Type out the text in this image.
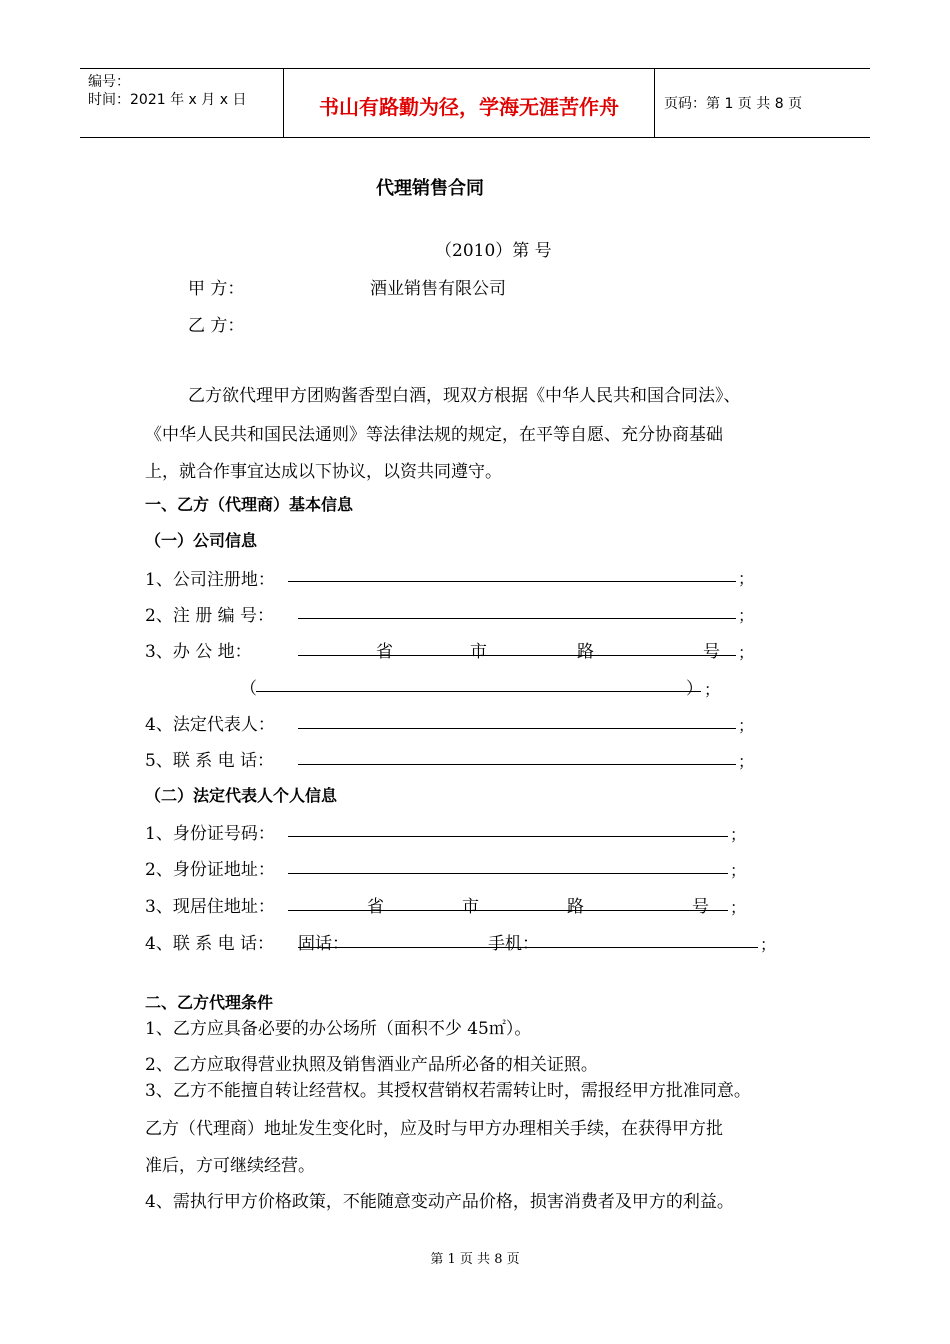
编号：
时间：2021 年 x 月 x 日	书山有路勤为径，学海无涯苦作舟	页码：第 1 页 共 8 页
代理销售合同
（2010）第 号
甲 方：	酒业销售有限公司
乙 方：
乙方欲代理甲方团购酱香型白酒，现双方根据《中华人民共和国合同法》、
《中华人民共和国民法通则》等法律法规的规定，在平等自愿、充分协商基础
上，就合作事宜达成以下协议，以资共同遵守。
一、乙方（代理商）基本信息
（一）公司信息
1、公司注册地：	；
2、注 册 编 号：	；
3、办 公 地：	省	市	路	号 ；
（	） ；
4、法定代表人：	；
5、联 系 电 话：	；
（二）法定代表人个人信息
1、身份证号码：	；
2、身份证地址：	；
3、现居住地址：	省	市	路	号 ；
4、联 系 电 话： 固话：	手机：	；
二、乙方代理条件
1、乙方应具备必要的办公场所（面积不少 45㎡）。
2、乙方应取得营业执照及销售酒业产品所必备的相关证照。
3、乙方不能擅自转让经营权。其授权营销权若需转让时，需报经甲方批准同意。
乙方（代理商）地址发生变化时，应及时与甲方办理相关手续，在获得甲方批
准后，方可继续经营。
4、需执行甲方价格政策，不能随意变动产品价格，损害消费者及甲方的利益。
第 1 页 共 8 页
